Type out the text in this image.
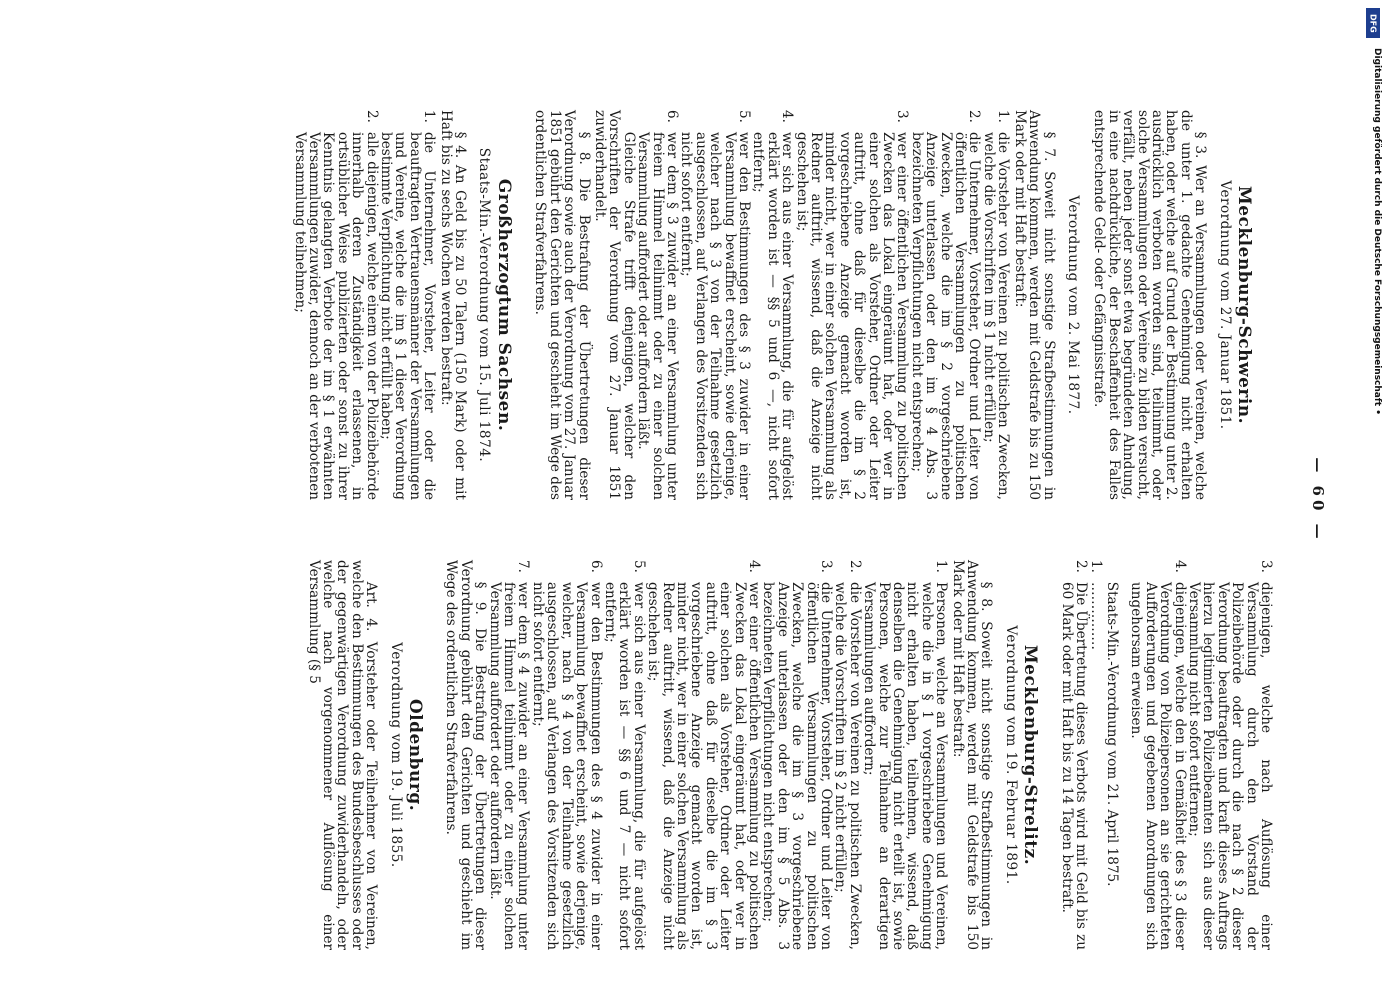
— 60 —
Mecklenburg-Schwerin.
Verordnung vom 27. Januar 1851.
§ 3. Wer an Versammlungen oder Vereinen, welche die unter 1. gedachte Genehmigung nicht erhalten haben, oder welche auf Grund der Bestimmung unter 2. ausdrücklich verboten worden sind, teilnimmt, oder solche Versammlungen oder Vereine zu bilden versucht, verfällt, neben jeder sonst etwa begründeten Ahndung, in eine nachdrückliche, der Beschaffenheit des Falles entsprechende Geld- oder Gefängnisstrafe.
Verordnung vom 2. Mai 1877.
§ 7. Soweit nicht sonstige Strafbestimmungen in Anwendung kommen, werden mit Geldstrafe bis zu 150 Mark oder mit Haft bestraft:
1.
die Vorsteher von Vereinen zu politischen Zwecken, welche die Vorschriften im § 1 nicht erfüllen;
2.
die Unternehmer, Vorsteher, Ordner und Leiter von öffentlichen Versammlungen zu politischen Zwecken, welche die im § 2 vorgeschriebene Anzeige unterlassen oder den im § 4 Abs. 3 bezeichneten Verpflichtungen nicht entsprechen;
3.
wer einer öffentlichen Versammlung zu politischen Zwecken das Lokal eingeräumt hat, oder wer in einer solchen als Vorsteher, Ordner oder Leiter auftritt, ohne daß für dieselbe die im § 2 vorgeschriebene Anzeige gemacht worden ist, minder nicht, wer in einer solchen Versammlung als Redner auftritt, wissend, daß die Anzeige nicht geschehen ist;
4.
wer sich aus einer Versammlung, die für aufgelöst erklärt worden ist — §§ 5 und 6 —, nicht sofort entfernt;
5.
wer den Bestimmungen des § 3 zuwider in einer Versammlung bewaffnet erscheint, sowie derjenige, welcher nach § 3 von der Teilnahme gesetzlich ausgeschlossen, auf Verlangen des Vorsitzenden sich nicht sofort entfernt;
6.
wer dem § 3 zuwider an einer Versammlung unter freiem Himmel teilnimmt oder zu einer solchen Versammlung auffordert oder auffordern läßt.
Gleiche Strafe trifft denjenigen, welcher den Vorschriften der Verordnung vom 27. Januar 1851 zuwiderhandelt.
§ 8. Die Bestrafung der Übertretungen dieser Verordnung sowie auch der Verordnung vom 27. Januar 1851 gebührt den Gerichten und geschieht im Wege des ordentlichen Strafverfahrens.
Großherzogtum Sachsen.
Staats-Min.-Verordnung vom 15. Juli 1874.
§ 4. An Geld bis zu 50 Talern (150 Mark) oder mit Haft bis zu sechs Wochen werden bestraft:
1.
die Unternehmer, Vorsteher, Leiter oder die beauftragten Vertrauensmänner der Versammlungen und Vereine, welche die im § 1 dieser Verordnung bestimmte Verpflichtung nicht erfüllt haben;
2.
alle diejenigen, welche einem von der Polizeibehörde innerhalb deren Zuständigkeit erlassenen, in ortsüblicher Weise publizierten oder sonst zu ihrer Kenntnis gelangten Verbote der im § 1 erwähnten Versammlungen zuwider, dennoch an der verbotenen Versammlung teilnehmen;
3.
diejenigen, welche nach Auflösung einer Versammlung durch den Vorstand der Polizeibehörde oder durch die nach § 2 dieser Verordnung beauftragten und kraft dieses Auftrags hierzu legitimierten Polizeibeamten sich aus dieser Versammlung nicht sofort entfernen;
4.
diejenigen, welche den in Gemäßheit des § 3 dieser Verordnung von Polizeipersonen an sie gerichteten Aufforderungen und gegebenen Anordnungen sich ungehorsam erweisen.
Staats-Min.-Verordnung vom 21. April 1875.
1.
……………
2.
Die Übertretung dieses Verbots wird mit Geld bis zu 60 Mark oder mit Haft bis zu 14 Tagen bestraft.
Mecklenburg-Strelitz.
Verordnung vom 19. Februar 1891.
§ 8. Soweit nicht sonstige Strafbestimmungen in Anwendung kommen, werden mit Geldstrafe bis 150 Mark oder mit Haft bestraft:
1.
Personen, welche an Versammlungen und Vereinen, welche die in § 1 vorgeschriebene Genehmigung nicht erhalten haben, teilnehmen, wissend, daß denselben die Genehmigung nicht erteilt ist, sowie Personen, welche zur Teilnahme an derartigen Versammlungen auffordern;
2.
die Vorsteher von Vereinen zu politischen Zwecken, welche die Vorschriften im § 2 nicht erfüllen;
3.
die Unternehmer, Vorsteher, Ordner und Leiter von öffentlichen Versammlungen zu politischen Zwecken, welche die im § 3 vorgeschriebene Anzeige unterlassen oder den im § 5 Abs. 3 bezeichneten Verpflichtungen nicht entsprechen;
4.
wer einer öffentlichen Versammlung zu politischen Zwecken das Lokal eingeräumt hat, oder wer in einer solchen als Vorsteher, Ordner oder Leiter auftritt, ohne daß für dieselbe die im § 3 vorgeschriebene Anzeige gemacht worden ist, minder nicht, wer in einer solchen Versammlung als Redner auftritt, wissend, daß die Anzeige nicht geschehen ist;
5.
wer sich aus einer Versammlung, die für aufgelöst erklärt worden ist — §§ 6 und 7 — nicht sofort entfernt;
6.
wer den Bestimmungen des § 4 zuwider in einer Versammlung bewaffnet erscheint, sowie derjenige, welcher, nach § 4 von der Teilnahme gesetzlich ausgeschlossen, auf Verlangen des Vorsitzenden sich nicht sofort entfernt;
7.
wer dem § 4 zuwider an einer Versammlung unter freiem Himmel teilnimmt oder zu einer solchen Versammlung auffordert oder auffordern läßt.
§ 9. Die Bestrafung der Übertretungen dieser Verordnung gebührt den Gerichten und geschieht im Wege des ordentlichen Strafverfahrens.
Oldenburg.
Verordnung vom 19. Juli 1855.
Art. 4. Vorsteher oder Teilnehmer von Vereinen, welche den Bestimmungen des Bundesbeschlusses oder der gegenwärtigen Verordnung zuwiderhandeln, oder welche nach vorgenommener Auflösung einer Versammlung (§ 5
Digitalisierung gefördert durch die Deutsche Forschungsgemeinschaft •
DFG
